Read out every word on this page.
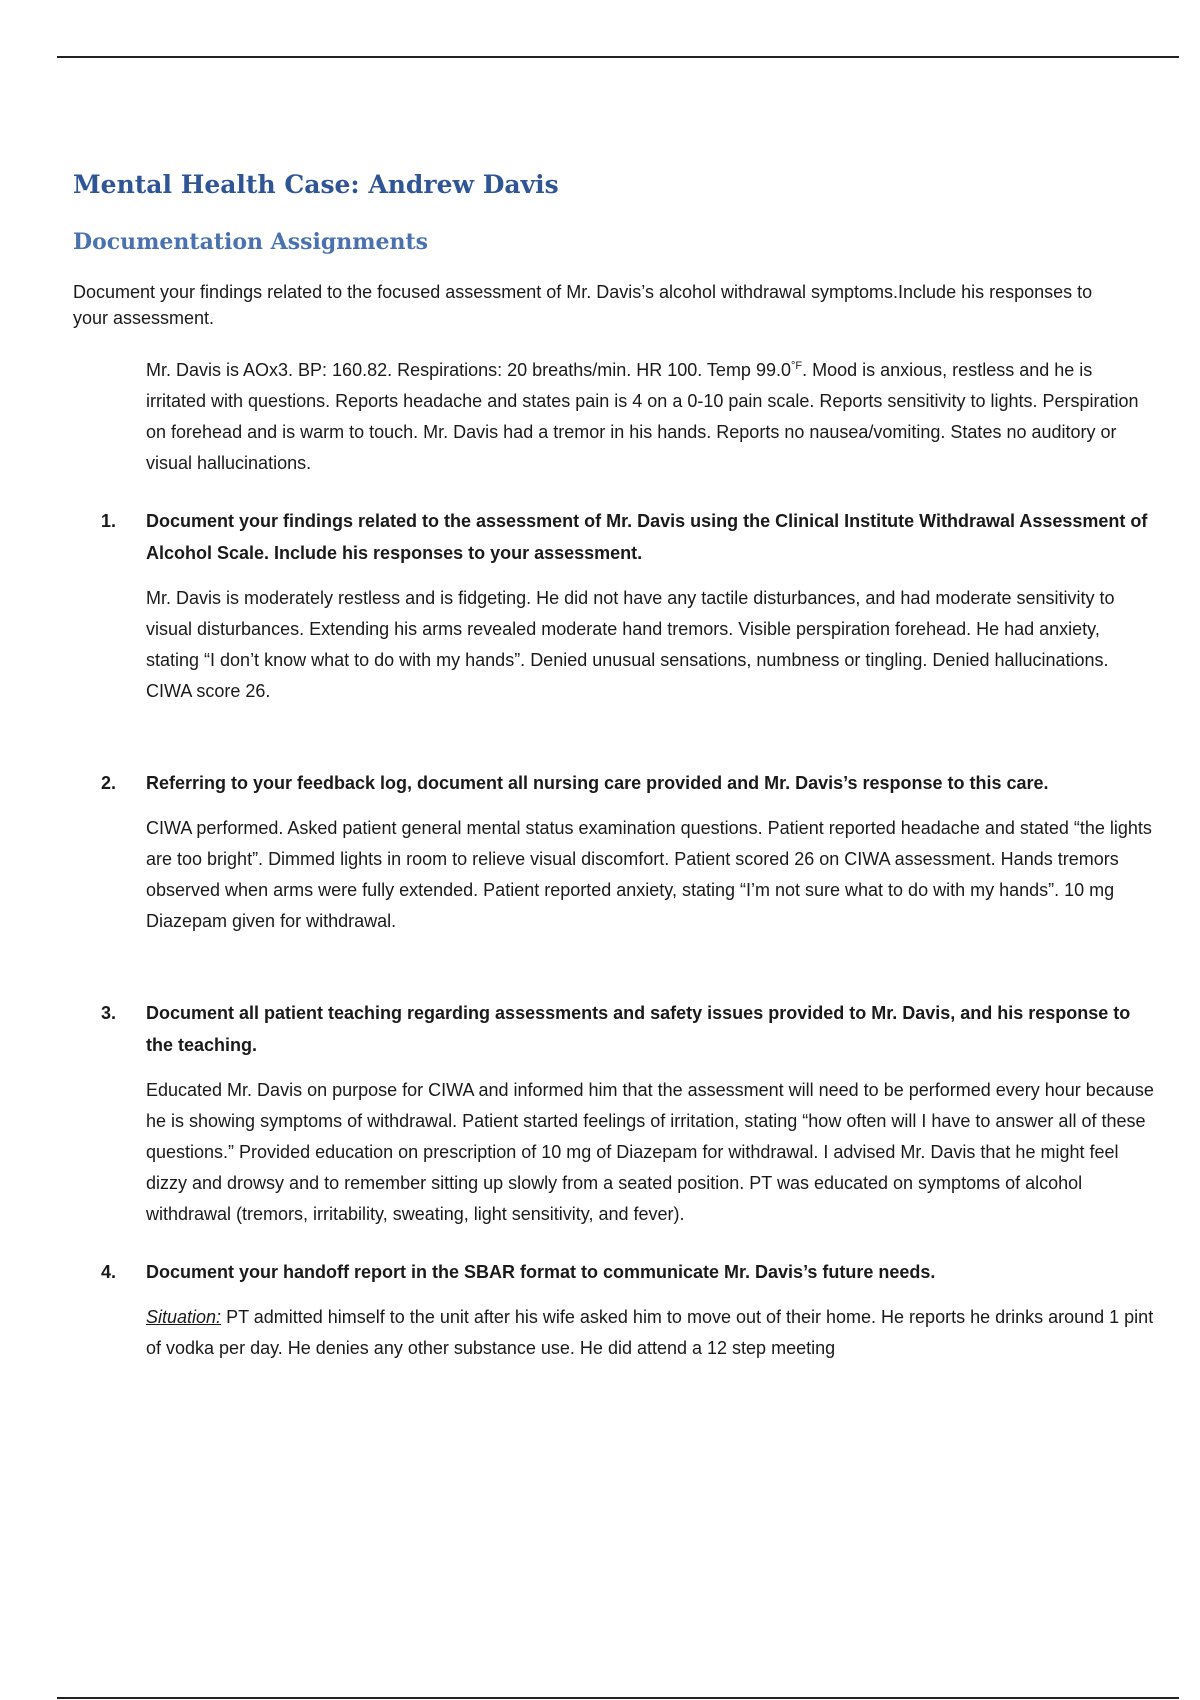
Mental Health Case: Andrew Davis
Documentation Assignments

Document your findings related to the focused assessment of Mr. Davis’s alcohol withdrawal symptoms.Include his responses to your assessment.

Mr. Davis is AOx3. BP: 160.82. Respirations: 20 breaths/min. HR 100. Temp $99.0^{^\circ F}$. Mood is anxious, restless and he is irritated with questions. Reports headache and states pain is 4 on a 0-10 pain scale. Reports sensitivity to lights. Perspiration on forehead and is warm to touch. Mr. Davis had a tremor in his hands. Reports no nausea/vomiting. States no auditory or visual hallucinations.

1.	Document your findings related to the assessment of Mr. Davis using the Clinical Institute Withdrawal Assessment of Alcohol Scale. Include his responses to your assessment.

Mr. Davis is moderately restless and is fidgeting. He did not have any tactile disturbances, and had moderate sensitivity to visual disturbances. Extending his arms revealed moderate hand tremors. Visible perspiration forehead. He had anxiety, stating “I don’t know what to do with my hands”. Denied unusual sensations, numbness or tingling. Denied hallucinations. CIWA score 26.

2.	Referring to your feedback log, document all nursing care provided and Mr. Davis’s response to this care.

CIWA performed. Asked patient general mental status examination questions. Patient reported headache and stated “the lights are too bright”. Dimmed lights in room to relieve visual discomfort. Patient scored 26 on CIWA assessment. Hands tremors observed when arms were fully extended. Patient reported anxiety, stating “I’m not sure what to do with my hands”. 10 mg Diazepam given for withdrawal.

3.	Document all patient teaching regarding assessments and safety issues provided to Mr. Davis, and his response to the teaching.

Educated Mr. Davis on purpose for CIWA and informed him that the assessment will need to be performed every hour because he is showing symptoms of withdrawal. Patient started feelings of irritation, stating “how often will I have to answer all of these questions.” Provided education on prescription of 10 mg of Diazepam for withdrawal. I advised Mr. Davis that he might feel dizzy and drowsy and to remember sitting up slowly from a seated position. PT was educated on symptoms of alcohol withdrawal (tremors, irritability, sweating, light sensitivity, and fever).

4.	Document your handoff report in the SBAR format to communicate Mr. Davis’s future needs.

Situation: PT admitted himself to the unit after his wife asked him to move out of their home. He reports he drinks around 1 pint of vodka per day. He denies any other substance use. He did attend a 12 step meeting
